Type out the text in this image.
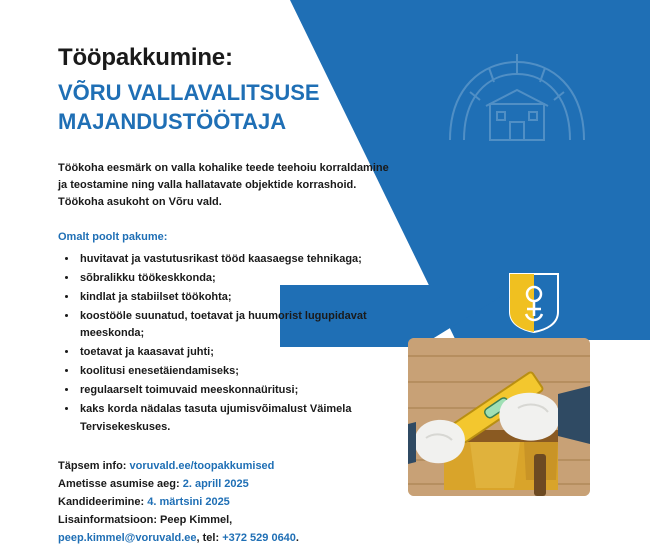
Tööpakkumine:
VÕRU VALLAVALITSUSE
MAJANDUSTÖÖTAJA

Töökoha eesmärk on valla kohalike teede teehoiu korraldamine ja teostamine ning valla hallatavate objektide korrashoid. Töökoha asukoht on Võru vald.

Omalt poolt pakume:
• huvitavat ja vastutusrikast tööd kaasaegse tehnikaga;
• sõbralikku töökeskkonda;
• kindlat ja stabiilset töökohta;
• koostööle suunatud, toetavat ja huumorist lugupidavat meeskonda;
• toetavat ja kaasavat juhti;
• koolitusi enesetäiendamiseks;
• regulaarselt toimuvaid meeskonnaüritusi;
• kaks korda nädalas tasuta ujumisvõimalust Väimela Tervisekeskuses.
Täpsem info: voruvald.ee/toopakkumised
Ametisse asumise aeg: 2. aprill 2025
Kandideerimine: 4. märtsini 2025
Lisainformatsioon: Peep Kimmel,
peep.kimmel@voruvald.ee, tel: +372 529 0640.
